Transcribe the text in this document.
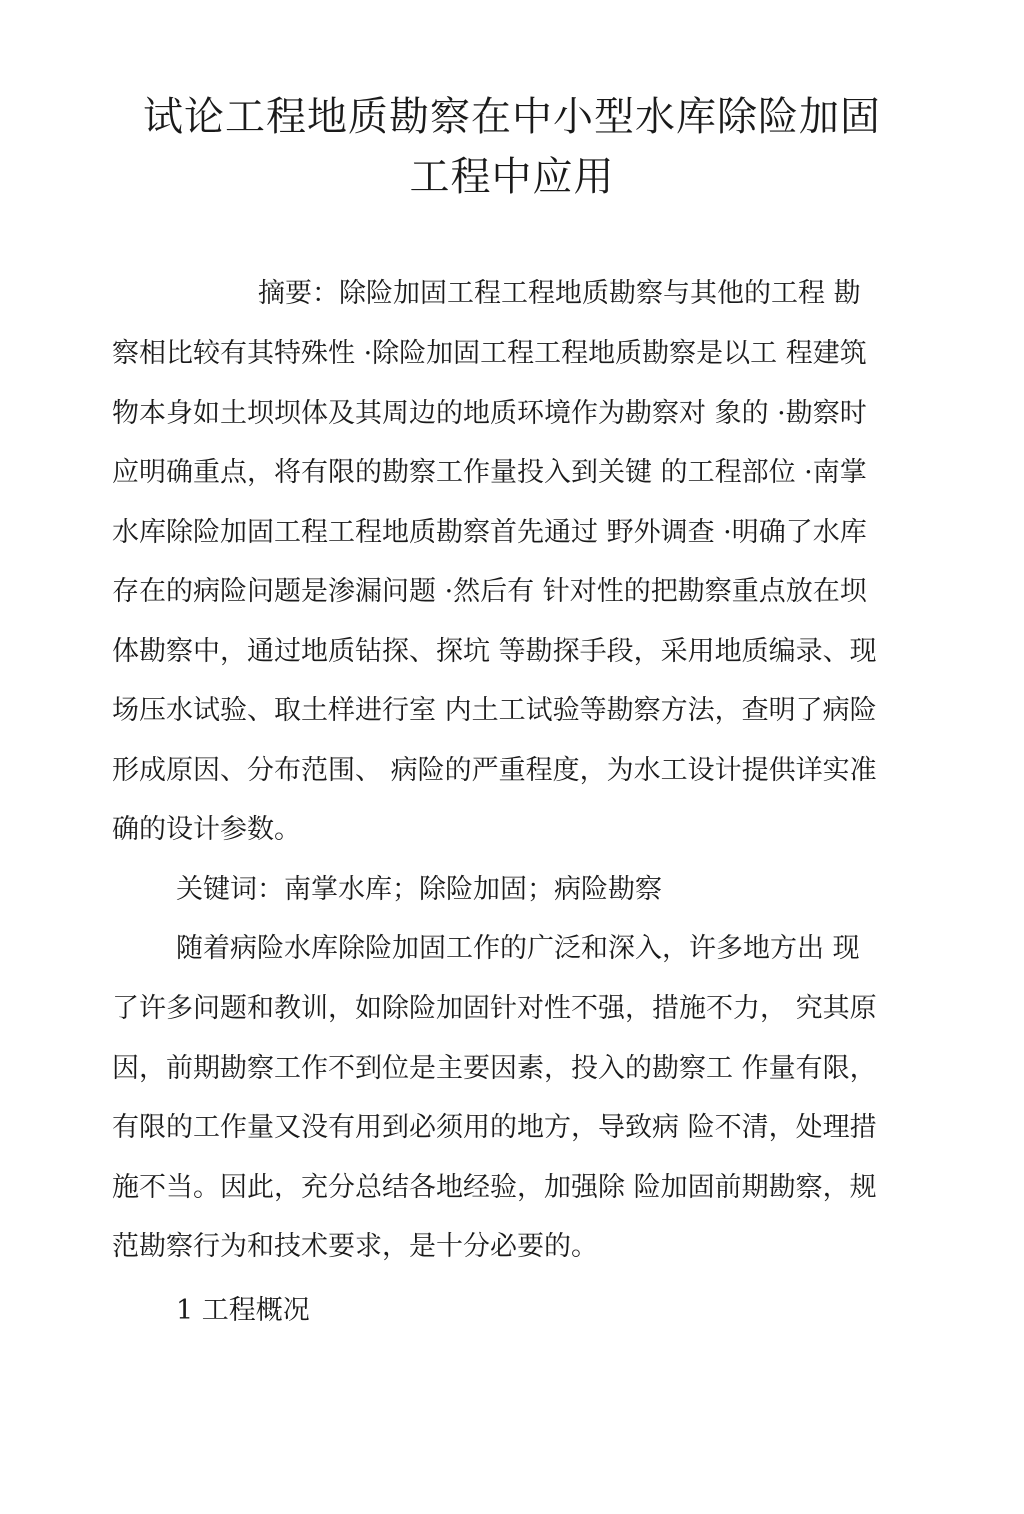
试论工程地质勘察在中小型水库除险加固
工程中应用

摘要：除险加固工程工程地质勘察与其他的工程 勘

察相比较有其特殊性 ·除险加固工程工程地质勘察是以工 程建筑

物本身如土坝坝体及其周边的地质环境作为勘察对 象的 ·勘察时

应明确重点，将有限的勘察工作量投入到关键 的工程部位 ·南掌

水库除险加固工程工程地质勘察首先通过 野外调查 ·明确了水库

存在的病险问题是渗漏问题 ·然后有 针对性的把勘察重点放在坝

体勘察中，通过地质钻探、探坑 等勘探手段，采用地质编录、现

场压水试验、取土样进行室 内土工试验等勘察方法，查明了病险

形成原因、分布范围、 病险的严重程度，为水工设计提供详实准

确的设计参数。

关键词：南掌水库；除险加固；病险勘察

随着病险水库除险加固工作的广泛和深入，许多地方出 现

了许多问题和教训，如除险加固针对性不强，措施不力， 究其原

因，前期勘察工作不到位是主要因素，投入的勘察工 作量有限，

有限的工作量又没有用到必须用的地方，导致病 险不清，处理措

施不当。因此，充分总结各地经验，加强除 险加固前期勘察，规

范勘察行为和技术要求，是十分必要的。

1 工程概况
